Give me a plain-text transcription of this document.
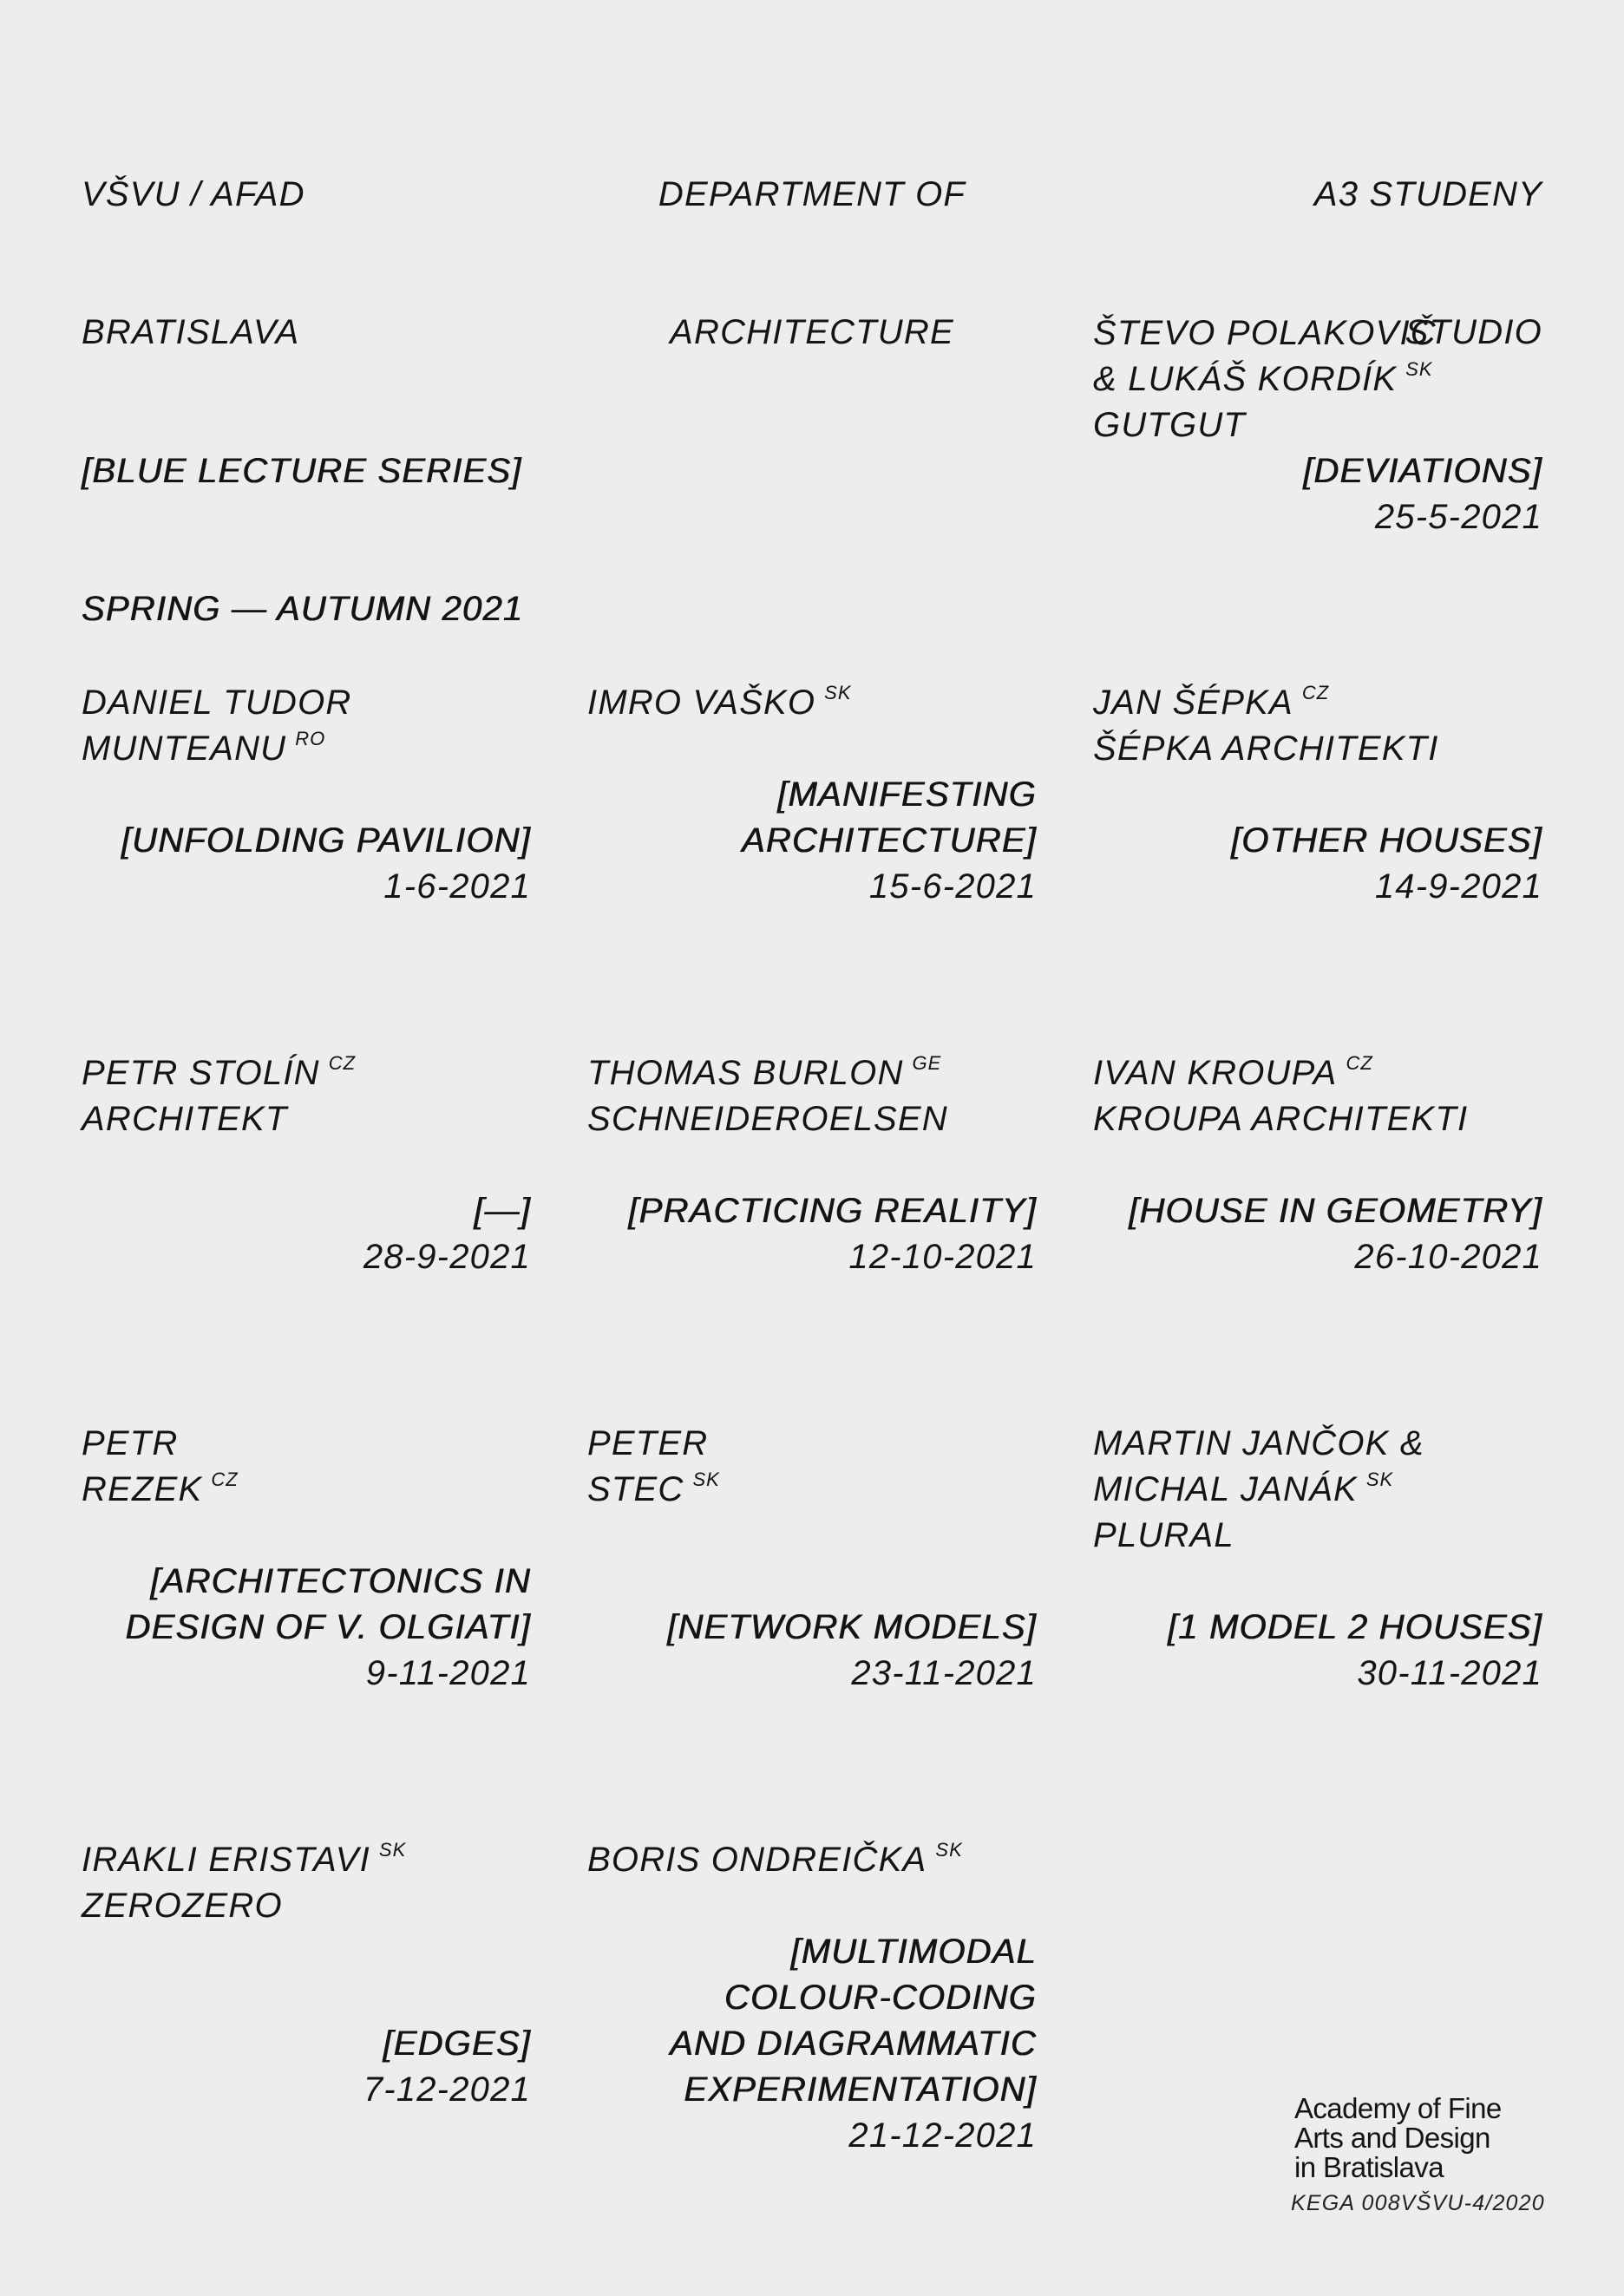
VŠVU / AFAD

BRATISLAVA

DEPARTMENT OF

ARCHITECTURE

A3 STUDENY

STUDIO

[BLUE LECTURE SERIES]

SPRING — AUTUMN 2021

Academy of Fine
Arts and Design
in Bratislava
KEGA 008VŠVU-4/2020
ŠTEVO POLAKOVIČ
& LUKÁŠ KORDÍK $^{SK}$
GUTGUT
[DEVIATIONS]
25-5-2021
DANIEL TUDOR
MUNTEANU $^{RO}$
[UNFOLDING PAVILION]
1-6-2021
IMRO VAŠKO $^{SK}$
[MANIFESTING
ARCHITECTURE]
15-6-2021
JAN ŠÉPKA $^{CZ}$
ŠÉPKA ARCHITEKTI
[OTHER HOUSES]
14-9-2021
PETR STOLÍN $^{CZ}$
ARCHITEKT
[—]
28-9-2021
THOMAS BURLON $^{GE}$
SCHNEIDEROELSEN
[PRACTICING REALITY]
12-10-2021
IVAN KROUPA $^{CZ}$
KROUPA ARCHITEKTI
[HOUSE IN GEOMETRY]
26-10-2021
PETR
REZEK $^{CZ}$
[ARCHITECTONICS IN
DESIGN OF V. OLGIATI]
9-11-2021
PETER
STEC $^{SK}$
[NETWORK MODELS]
23-11-2021
MARTIN JANČOK &
MICHAL JANÁK $^{SK}$
PLURAL
[1 MODEL 2 HOUSES]
30-11-2021
IRAKLI ERISTAVI $^{SK}$
ZEROZERO
[EDGES]
7-12-2021
BORIS ONDREIČKA $^{SK}$
[MULTIMODAL
COLOUR-CODING
AND DIAGRAMMATIC
EXPERIMENTATION]
21-12-2021
